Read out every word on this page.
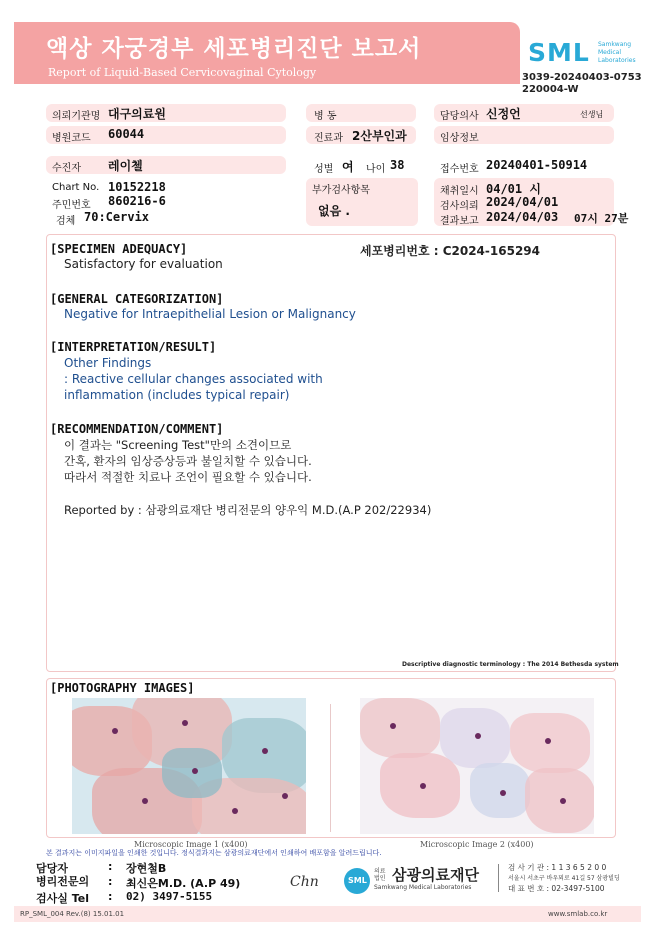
액상 자궁경부 세포병리진단 보고서
Report of Liquid-Based Cervicovaginal Cytology
SML Samkwang Medical Laboratories
3039-20240403-0753
220004-W
의뢰기관명 대구의료원	병 동	담당의사 신정언	선생님
병원코드 60044	진료과 2산부인과	임상정보
수진자 레이첼	성별 여 나이 38	접수번호 20240401-50914
Chart No. 10152218
주민번호 860216-6
검체 70:Cervix
부가검사항목
없음 .
채취일시 04/01 시
검사의뢰 2024/04/01
결과보고 2024/04/03 07시 27분
[SPECIMEN ADEQUACY]	세포병리번호 : C2024-165294
Satisfactory for evaluation
[GENERAL CATEGORIZATION]
Negative for Intraepithelial Lesion or Malignancy
[INTERPRETATION/RESULT]
Other Findings
: Reactive cellular changes associated with
inflammation (includes typical repair)
[RECOMMENDATION/COMMENT]
이 결과는 "Screening Test"만의 소견이므로
간혹, 환자의 임상증상등과 불일치할 수 있습니다.
따라서 적절한 치료나 조언이 필요할 수 있습니다.
Reported by : 삼광의료재단 병리전문의 양우익 M.D.(A.P 202/22934)
Descriptive diagnostic terminology : The 2014 Bethesda system
[PHOTOGRAPHY IMAGES]
Microscopic Image 1 (x400)	Microscopic Image 2 (x400)
본 결과지는 이미지파일을 인쇄한 것입니다. 정식결과지는 삼광의료재단에서 인쇄하여 배포함을 알려드립니다.
담당자	: 장현철B
병리전문의 : 최신은M.D. (A.P 49)
검사실 Tel : 02) 3497-5155
Chn	SML
의료
법인 삼광의료재단
Samkwang Medical Laboratories
검 사 기 관 : 1 1 3 6 5 2 0 0
서울시 서초구 바우뫼로 41길 57 삼광빌딩
대 표 번 호 : 02-3497-5100
RP_SML_004 Rev.(8) 15.01.01	www.smlab.co.kr
